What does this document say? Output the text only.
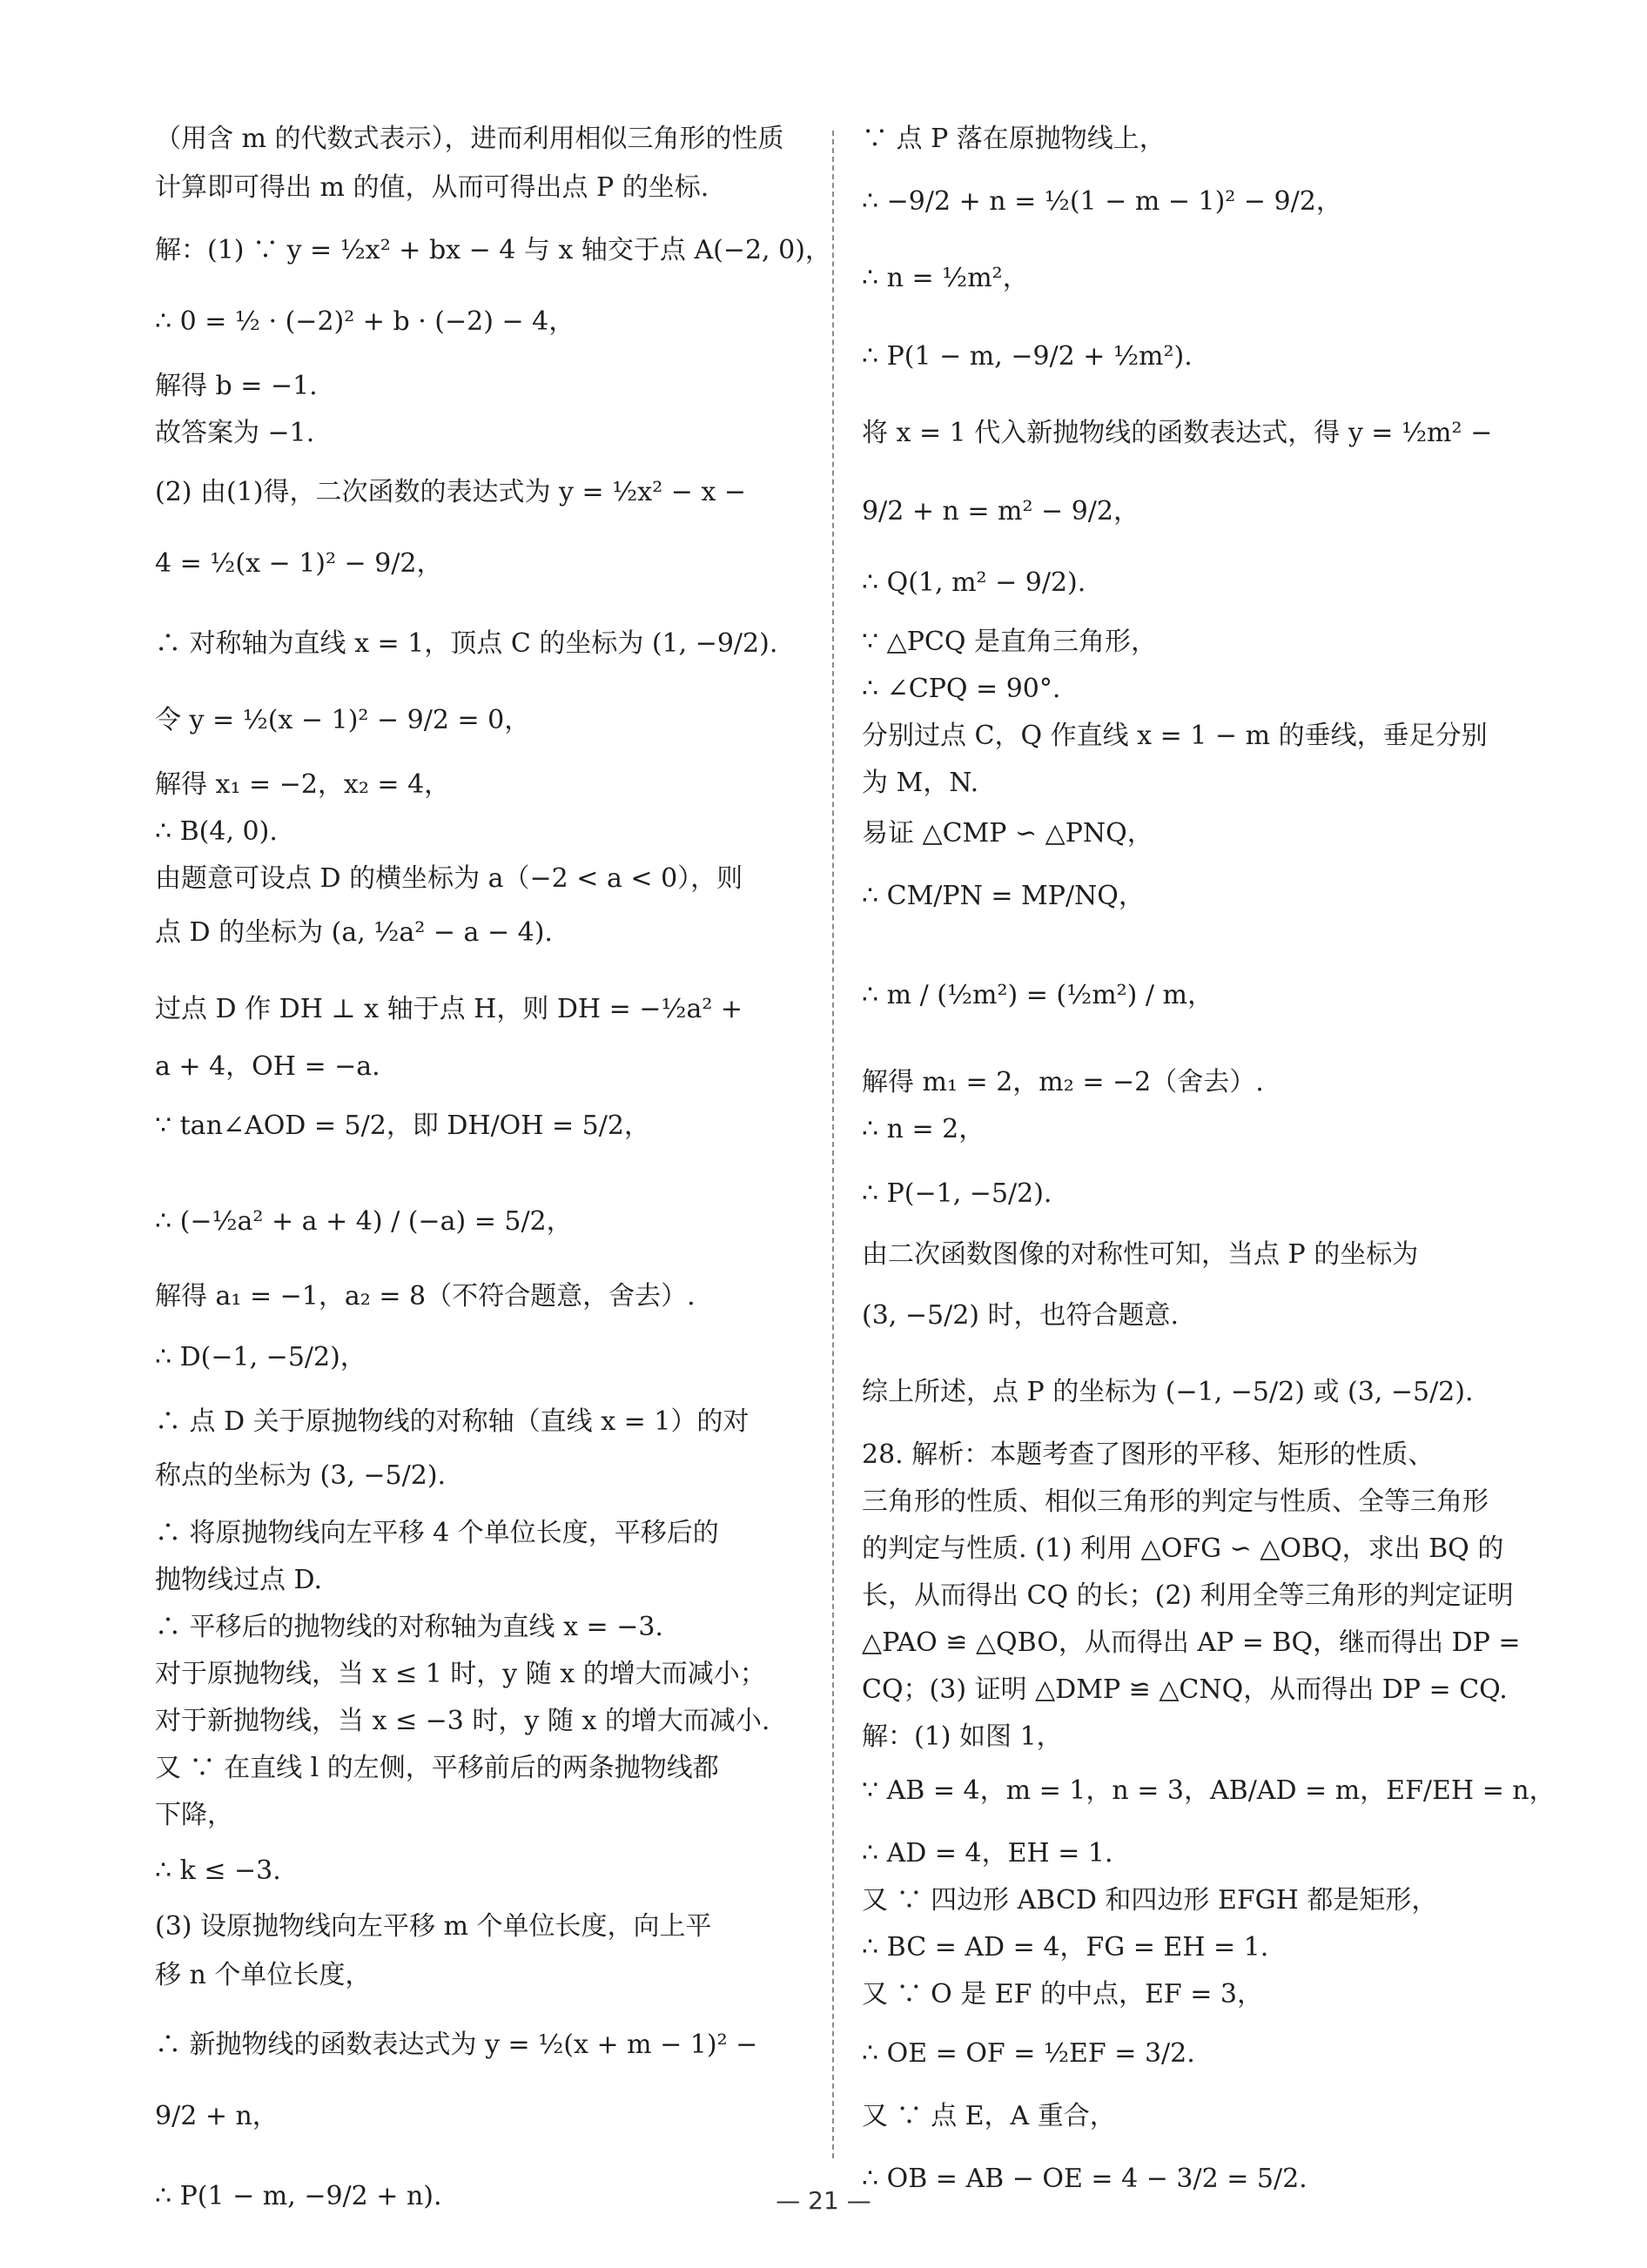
（用含 m 的代数式表示），进而利用相似三角形的性质
计算即可得出 m 的值，从而可得出点 P 的坐标.
解：(1) ∵ y = ½x² + bx − 4 与 x 轴交于点 A(−2, 0)，
∴ 0 = ½ · (−2)² + b · (−2) − 4，
解得 b = −1.
故答案为 −1.
(2) 由(1)得，二次函数的表达式为 y = ½x² − x −
4 = ½(x − 1)² − 9/2，
∴ 对称轴为直线 x = 1，顶点 C 的坐标为 (1, −9/2).
令 y = ½(x − 1)² − 9/2 = 0，
解得 x₁ = −2，x₂ = 4，
∴ B(4, 0).
由题意可设点 D 的横坐标为 a（−2 < a < 0），则
点 D 的坐标为 (a, ½a² − a − 4).
过点 D 作 DH ⊥ x 轴于点 H，则 DH = −½a² +
a + 4，OH = −a.
∵ tan∠AOD = 5/2，即 DH/OH = 5/2，
∴ (−½a² + a + 4) / (−a) = 5/2，
解得 a₁ = −1，a₂ = 8（不符合题意，舍去）.
∴ D(−1, −5/2)，
∴ 点 D 关于原抛物线的对称轴（直线 x = 1）的对
称点的坐标为 (3, −5/2).
∴ 将原抛物线向左平移 4 个单位长度，平移后的
抛物线过点 D.
∴ 平移后的抛物线的对称轴为直线 x = −3.
对于原抛物线，当 x ≤ 1 时，y 随 x 的增大而减小；
对于新抛物线，当 x ≤ −3 时，y 随 x 的增大而减小.
又 ∵ 在直线 l 的左侧，平移前后的两条抛物线都
下降，
∴ k ≤ −3.
(3) 设原抛物线向左平移 m 个单位长度，向上平
移 n 个单位长度，
∴ 新抛物线的函数表达式为 y = ½(x + m − 1)² −
9/2 + n，
∴ P(1 − m, −9/2 + n).
∵ 点 P 落在原抛物线上，
∴ −9/2 + n = ½(1 − m − 1)² − 9/2，
∴ n = ½m²，
∴ P(1 − m, −9/2 + ½m²).
将 x = 1 代入新抛物线的函数表达式，得 y = ½m² −
9/2 + n = m² − 9/2，
∴ Q(1, m² − 9/2).
∵ △PCQ 是直角三角形，
∴ ∠CPQ = 90°.
分别过点 C，Q 作直线 x = 1 − m 的垂线，垂足分别
为 M，N.
易证 △CMP ∽ △PNQ，
∴ CM/PN = MP/NQ，
∴ m / (½m²) = (½m²) / m，
解得 m₁ = 2，m₂ = −2（舍去）.
∴ n = 2，
∴ P(−1, −5/2).
由二次函数图像的对称性可知，当点 P 的坐标为
(3, −5/2) 时，也符合题意.
综上所述，点 P 的坐标为 (−1, −5/2) 或 (3, −5/2).
28. 解析：本题考查了图形的平移、矩形的性质、
三角形的性质、相似三角形的判定与性质、全等三角形
的判定与性质. (1) 利用 △OFG ∽ △OBQ，求出 BQ 的
长，从而得出 CQ 的长；(2) 利用全等三角形的判定证明
△PAO ≌ △QBO，从而得出 AP = BQ，继而得出 DP =
CQ；(3) 证明 △DMP ≌ △CNQ，从而得出 DP = CQ.
解：(1) 如图 1，
∵ AB = 4，m = 1，n = 3，AB/AD = m，EF/EH = n，
∴ AD = 4，EH = 1.
又 ∵ 四边形 ABCD 和四边形 EFGH 都是矩形，
∴ BC = AD = 4，FG = EH = 1.
又 ∵ O 是 EF 的中点，EF = 3，
∴ OE = OF = ½EF = 3/2.
又 ∵ 点 E，A 重合，
∴ OB = AB − OE = 4 − 3/2 = 5/2.
— 21 —
